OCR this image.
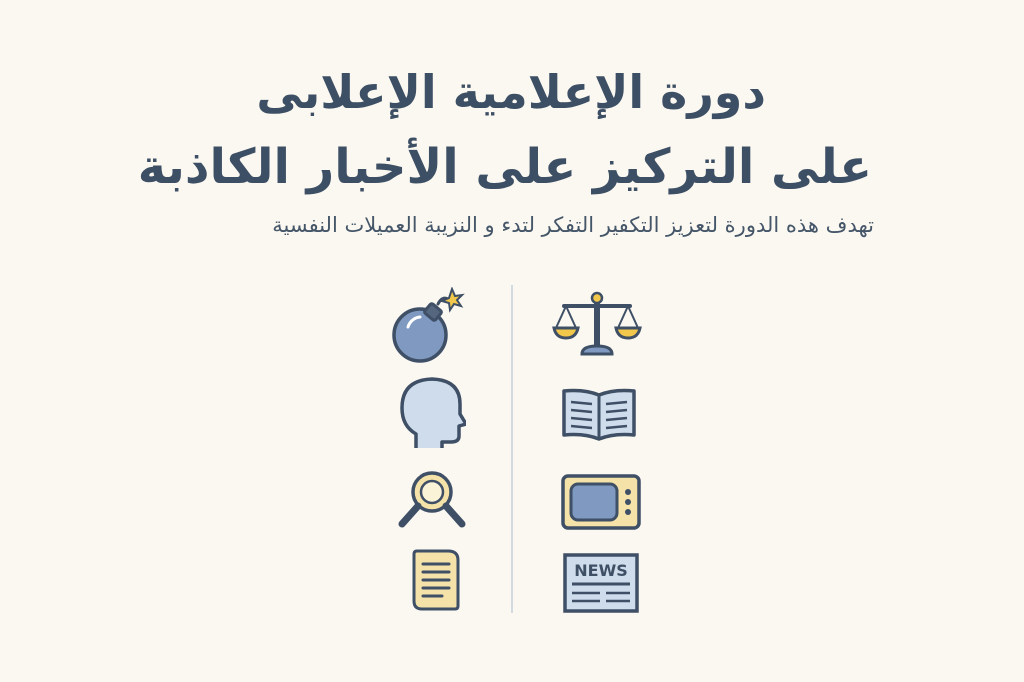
دورة الإعلامية الإعلابى
على التركيز على الأخبار الكاذبة

تهدف هذه الدورة لتعزيز التكفير التفكر لتدء و النزيبة العميلات النفسية

NEWS
